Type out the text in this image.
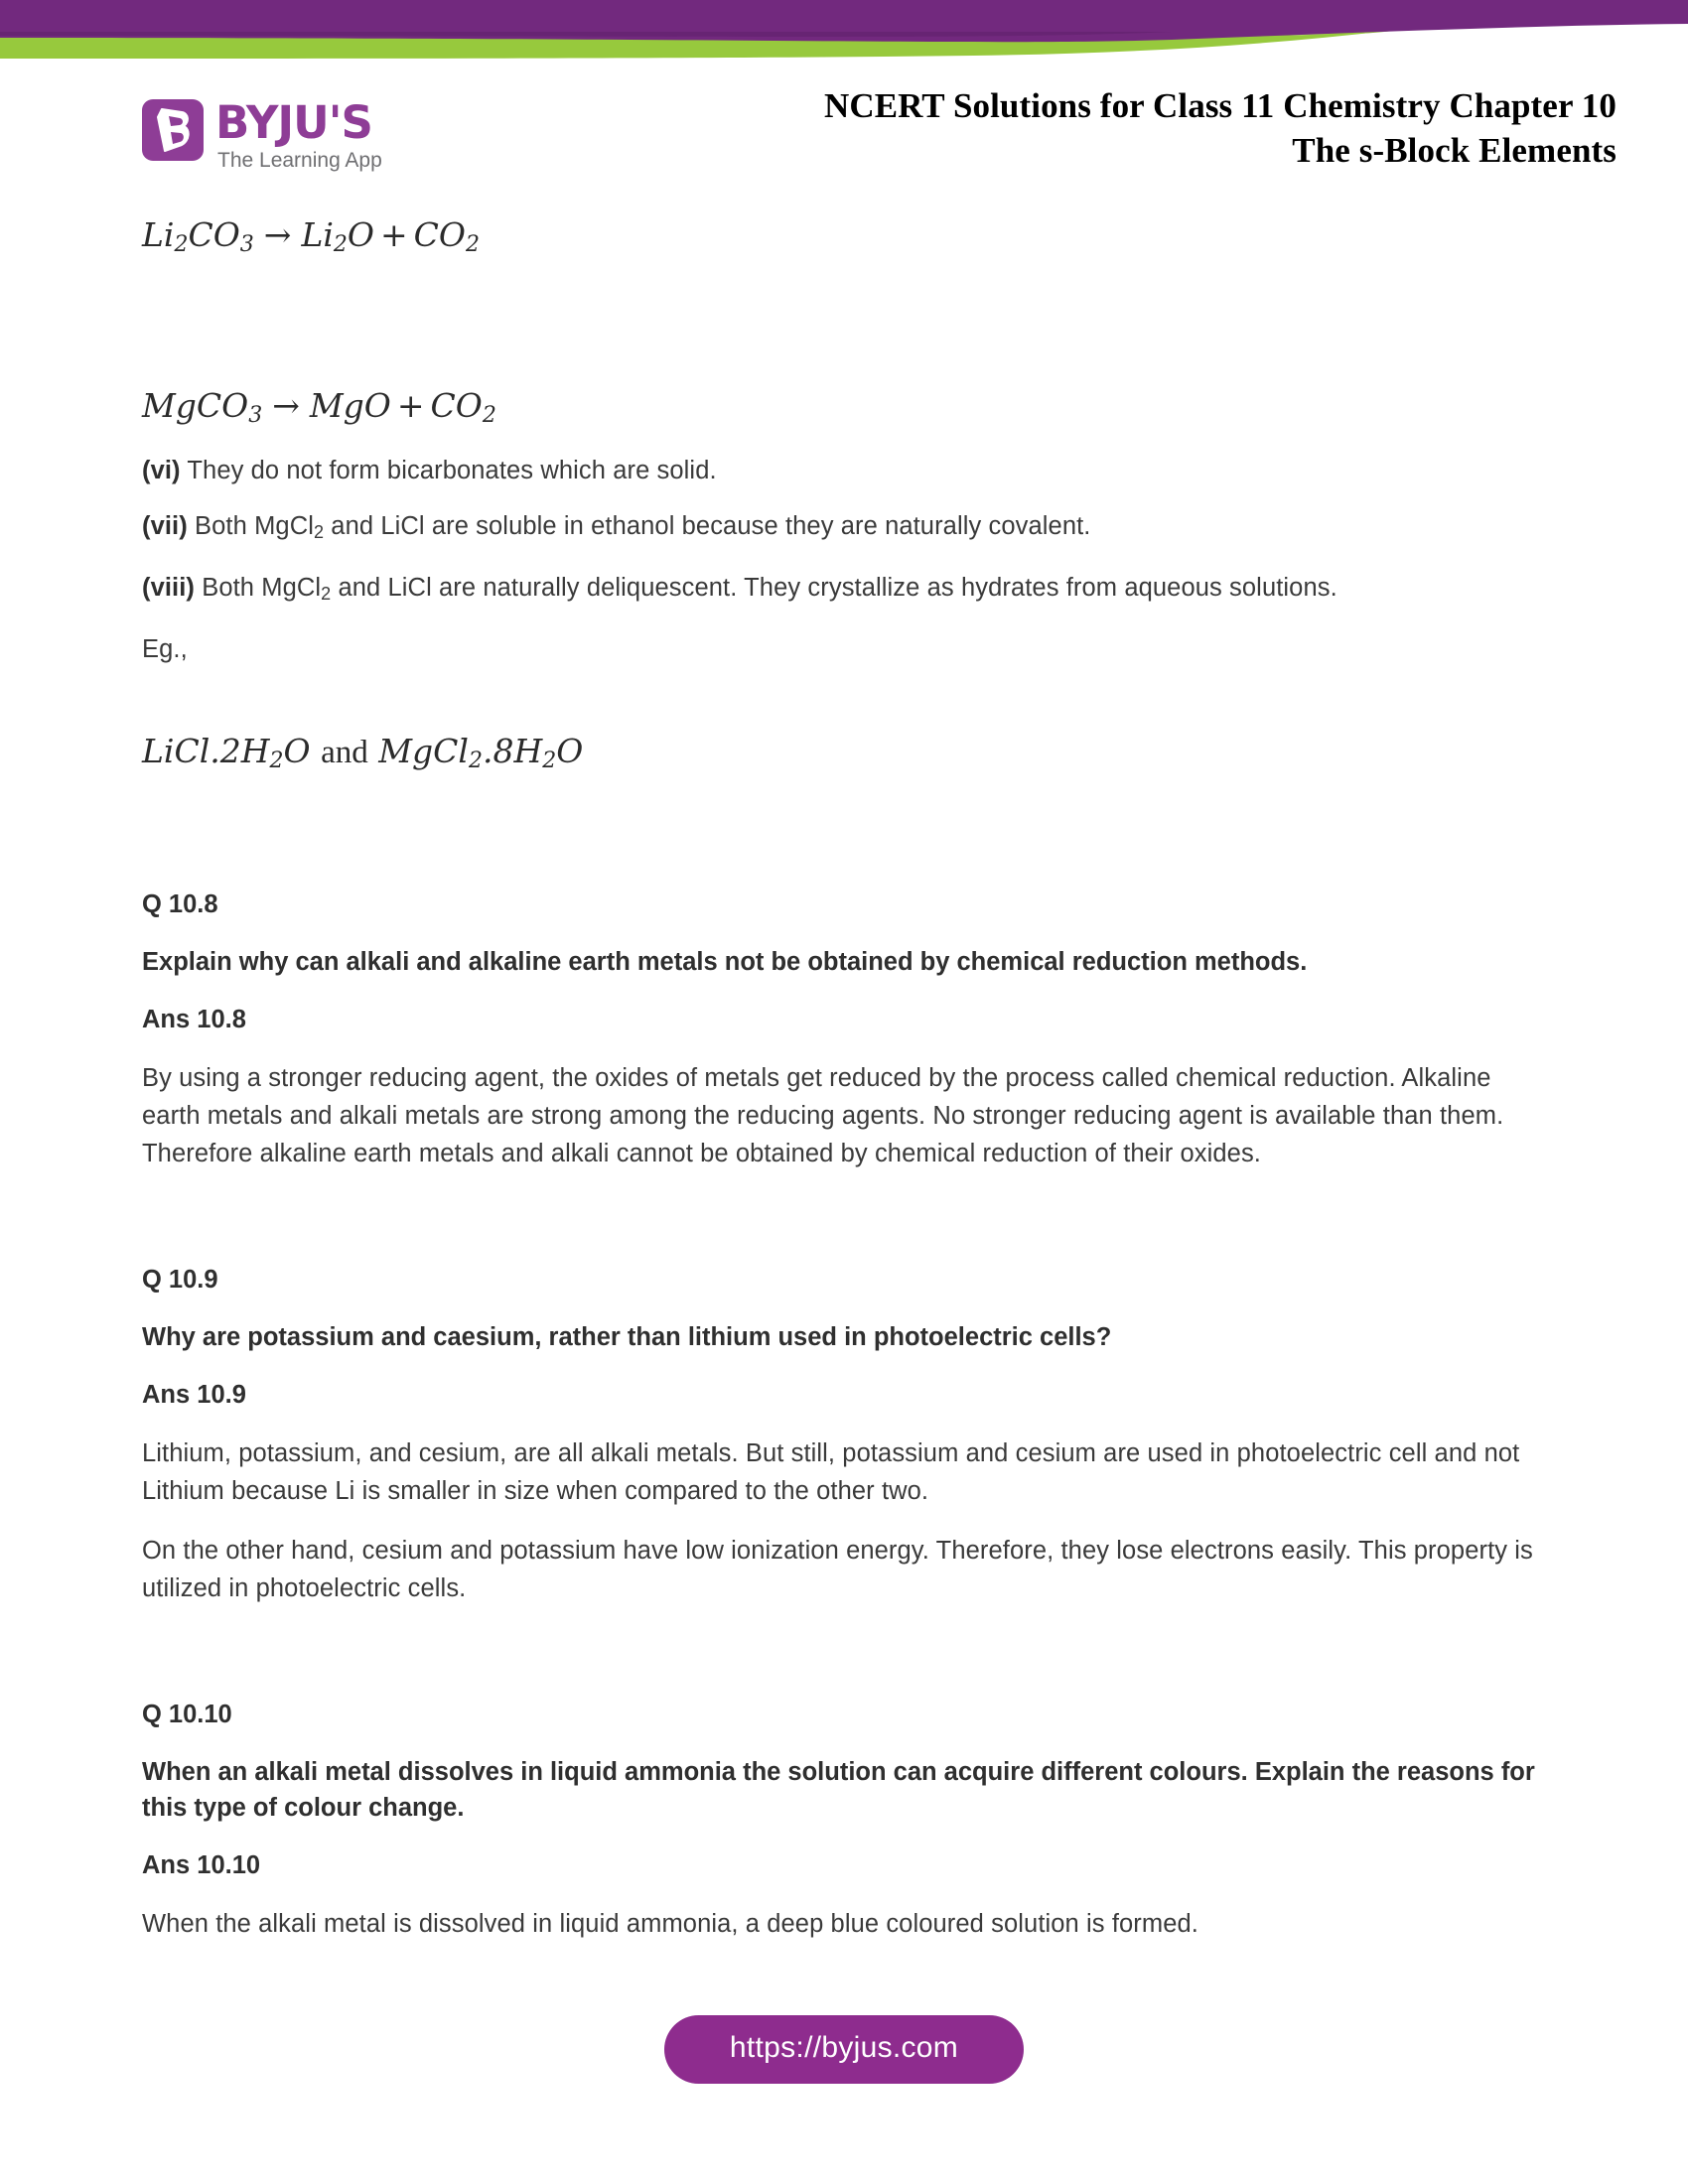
BYJU'S
The Learning App
NCERT Solutions for Class 11 Chemistry Chapter 10
The s-Block Elements
$Li_2CO_3 \to Li_2O + CO_2$
MgCO$_3$ → MgO + $CO_2$
(vi) They do not form bicarbonates which are solid.
(vii) Both MgCl$_2$ and LiCl are soluble in ethanol because they are naturally covalent.
(viii) Both MgCl$_2$ and LiCl are naturally deliquescent. They crystallize as hydrates from aqueous solutions.
Eg.,
$LiCl.2H_2O$ and $MgCl_2.8H_2O$
Q 10.8
Explain why can alkali and alkaline earth metals not be obtained by chemical reduction methods.
Ans 10.8
By using a stronger reducing agent, the oxides of metals get reduced by the process called chemical reduction. Alkaline earth metals and alkali metals are strong among the reducing agents. No stronger reducing agent is available than them. Therefore alkaline earth metals and alkali cannot be obtained by chemical reduction of their oxides.
Q 10.9
Why are potassium and caesium, rather than lithium used in photoelectric cells?
Ans 10.9
Lithium, potassium, and cesium, are all alkali metals. But still, potassium and cesium are used in photoelectric cell and not Lithium because Li is smaller in size when compared to the other two.
On the other hand, cesium and potassium have low ionization energy. Therefore, they lose electrons easily. This property is utilized in photoelectric cells.
Q 10.10
When an alkali metal dissolves in liquid ammonia the solution can acquire different colours. Explain the reasons for this type of colour change.
Ans 10.10
When the alkali metal is dissolved in liquid ammonia, a deep blue coloured solution is formed.
https://byjus.com
